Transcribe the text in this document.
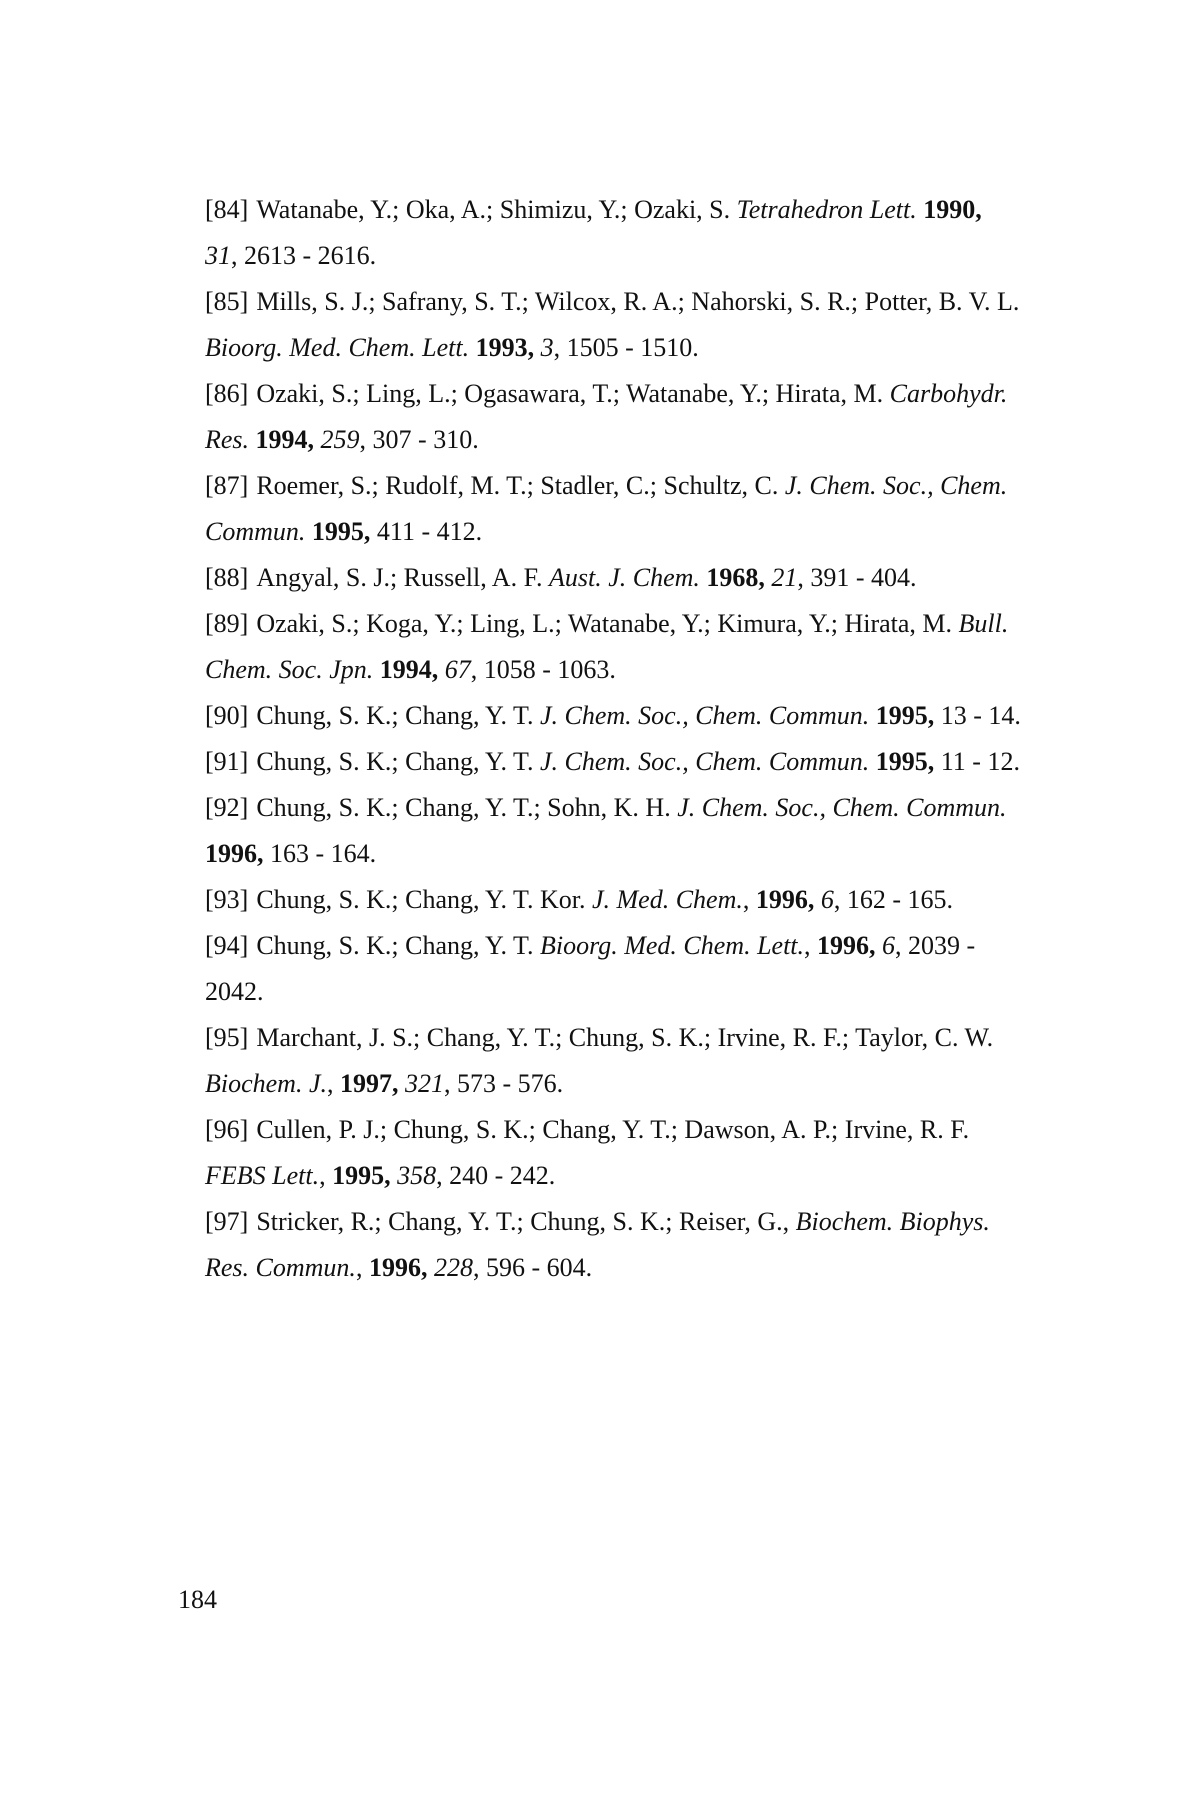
[84] Watanabe, Y.; Oka, A.; Shimizu, Y.; Ozaki, S. Tetrahedron Lett. 1990,
31, 2613 - 2616.
[85] Mills, S. J.; Safrany, S. T.; Wilcox, R. A.; Nahorski, S. R.; Potter, B. V. L.
Bioorg. Med. Chem. Lett. 1993, 3, 1505 - 1510.
[86] Ozaki, S.; Ling, L.; Ogasawara, T.; Watanabe, Y.; Hirata, M. Carbohydr.
Res. 1994, 259, 307 - 310.
[87] Roemer, S.; Rudolf, M. T.; Stadler, C.; Schultz, C. J. Chem. Soc., Chem.
Commun. 1995, 411 - 412.
[88] Angyal, S. J.; Russell, A. F. Aust. J. Chem. 1968, 21, 391 - 404.
[89] Ozaki, S.; Koga, Y.; Ling, L.; Watanabe, Y.; Kimura, Y.; Hirata, M. Bull.
Chem. Soc. Jpn. 1994, 67, 1058 - 1063.
[90] Chung, S. K.; Chang, Y. T. J. Chem. Soc., Chem. Commun. 1995, 13 - 14.
[91] Chung, S. K.; Chang, Y. T. J. Chem. Soc., Chem. Commun. 1995, 11 - 12.
[92] Chung, S. K.; Chang, Y. T.; Sohn, K. H. J. Chem. Soc., Chem. Commun.
1996, 163 - 164.
[93] Chung, S. K.; Chang, Y. T. Kor. J. Med. Chem., 1996, 6, 162 - 165.
[94] Chung, S. K.; Chang, Y. T. Bioorg. Med. Chem. Lett., 1996, 6, 2039 -
2042.
[95] Marchant, J. S.; Chang, Y. T.; Chung, S. K.; Irvine, R. F.; Taylor, C. W.
Biochem. J., 1997, 321, 573 - 576.
[96] Cullen, P. J.; Chung, S. K.; Chang, Y. T.; Dawson, A. P.; Irvine, R. F.
FEBS Lett., 1995, 358, 240 - 242.
[97] Stricker, R.; Chang, Y. T.; Chung, S. K.; Reiser, G., Biochem. Biophys.
Res. Commun., 1996, 228, 596 - 604.
184
